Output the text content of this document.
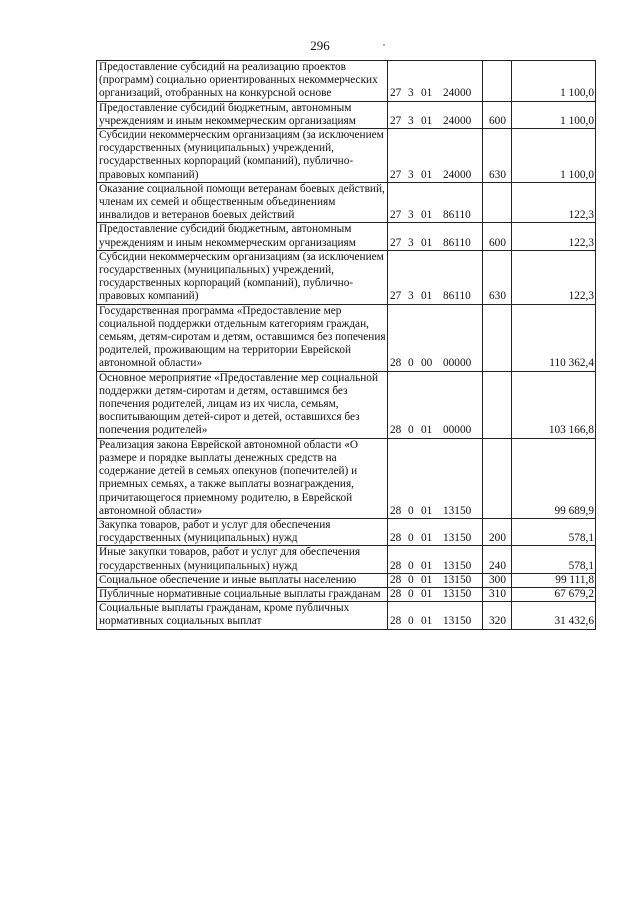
296
Предоставление субсидий на реализацию проектов (программ) социально ориентированных некоммерческих организаций, отобранных на конкурсной основе	27 3 01 24000		1 100,0
Предоставление субсидий бюджетным, автономным учреждениям и иным некоммерческим организациям	27 3 01 24000	600	1 100,0
Субсидии некоммерческим организациям (за исключением государственных (муниципальных) учреждений, государственных корпораций (компаний), публично-правовых компаний)	27 3 01 24000	630	1 100,0
Оказание социальной помощи ветеранам боевых действий, членам их семей и общественным объединениям инвалидов и ветеранов боевых действий	27 3 01 86110		122,3
Предоставление субсидий бюджетным, автономным учреждениям и иным некоммерческим организациям	27 3 01 86110	600	122,3
Субсидии некоммерческим организациям (за исключением государственных (муниципальных) учреждений, государственных корпораций (компаний), публично-правовых компаний)	27 3 01 86110	630	122,3
Государственная программа «Предоставление мер социальной поддержки отдельным категориям граждан, семьям, детям-сиротам и детям, оставшимся без попечения родителей, проживающим на территории Еврейской автономной области»	28 0 00 00000		110 362,4
Основное мероприятие «Предоставление мер социальной поддержки детям-сиротам и детям, оставшимся без попечения родителей, лицам из их числа, семьям, воспитывающим детей-сирот и детей, оставшихся без попечения родителей»	28 0 01 00000		103 166,8
Реализация закона Еврейской автономной области «О размере и порядке выплаты денежных средств на содержание детей в семьях опекунов (попечителей) и приемных семьях, а также выплаты вознаграждения, причитающегося приемному родителю, в Еврейской автономной области»	28 0 01 13150		99 689,9
Закупка товаров, работ и услуг для обеспечения государственных (муниципальных) нужд	28 0 01 13150	200	578,1
Иные закупки товаров, работ и услуг для обеспечения государственных (муниципальных) нужд	28 0 01 13150	240	578,1
Социальное обеспечение и иные выплаты населению	28 0 01 13150	300	99 111,8
Публичные нормативные социальные выплаты гражданам	28 0 01 13150	310	67 679,2
Социальные выплаты гражданам, кроме публичных нормативных социальных выплат	28 0 01 13150	320	31 432,6
